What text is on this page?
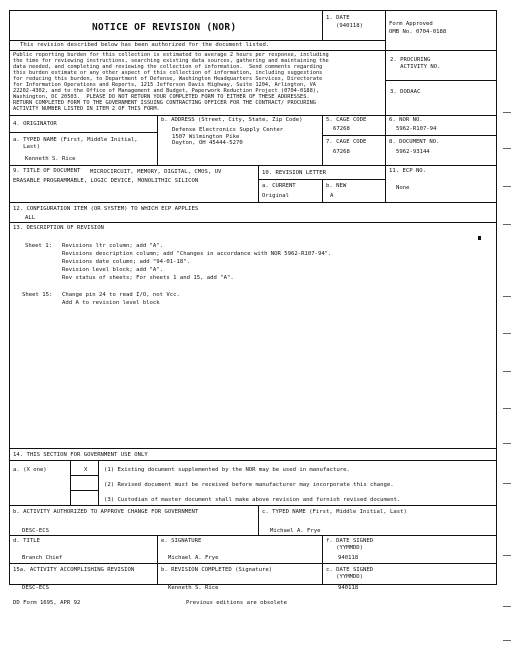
NOTICE OF REVISION (NOR)
1. DATE
(940118)	Form Approved
OMB No. 0704-0188
This revision described below has been authorized for the document listed.
Public reporting burden for this collection is estimated to average 2 hours per response, including
the time for reviewing instructions, searching existing data sources, gathering and maintaining the
data needed, and completing and reviewing the collection of information.  Send comments regarding
this burden estimate or any other aspect of this collection of information, including suggestions
for reducing this burden, to Department of Defense, Washington Headquarters Services, Directorate
for Information Operations and Reports, 1215 Jefferson Davis Highway, Suite 1204, Arlington, VA
22202-4302, and to the Office of Management and Budget, Paperwork Reduction Project (0704-0188),
Washington, DC 20503.  PLEASE DO NOT RETURN YOUR COMPLETED FORM TO EITHER OF THESE ADDRESSES.
RETURN COMPLETED FORM TO THE GOVERNMENT ISSUING CONTRACTING OFFICER FOR THE CONTRACT/ PROCURING
ACTIVITY NUMBER LISTED IN ITEM 2 OF THIS FORM.
2. PROCURING
ACTIVITY NO.
3. DODAAC
4. ORIGINATOR
a. TYPED NAME (First, Middle Initial,
Last)
Kenneth S. Rice
b. ADDRESS (Street, City, State, Zip Code)
Defense Electronics Supply Center
1507 Wilmington Pike
Dayton, OH 45444-5270
5. CAGE CODE
67268
6. NOR NO.
5962-R107-94
7. CAGE CODE
67268
8. DOCUMENT NO.
5962-93144
9. TITLE OF DOCUMENT MICROCIRCUIT, MEMORY, DIGITAL, CMOS, UV
ERASABLE PROGRAMMABLE, LOGIC DEVICE, MONOLITHIC SILICON
10. REVISION LETTER
a. CURRENT
Original
b. NEW
A
11. ECP NO.
None
12. CONFIGURATION ITEM (OR SYSTEM) TO WHICH ECP APPLIES
ALL
13. DESCRIPTION OF REVISION
Sheet 1: Revisions ltr column; add "A".
Revisions description column; add "Changes in accordance with NOR 5962-R107-94".
Revisions date column; add "94-01-18".
Revision level block; add "A".
Rev status of sheets; For sheets 1 and 15, add "A".
Sheet 15: Change pin 24 to read I/O, not Vcc.
Add A to revision level block
14. THIS SECTION FOR GOVERNMENT USE ONLY
a. (X one)	X	(1) Existing document supplemented by the NOR may be used in manufacture.
(2) Revised document must be received before manufacturer may incorporate this change.
(3) Custodian of master document shall make above revision and furnish revised document.
b. ACTIVITY AUTHORIZED TO APPROVE CHANGE FOR GOVERNMENT
DESC-ECS
c. TYPED NAME (First, Middle Initial, Last)
Michael A. Frye
d. TITLE
Branch Chief
e. SIGNATURE
Michael A. Frye
f. DATE SIGNED
(YYMMDD)
940118
15a. ACTIVITY ACCOMPLISHING REVISION
DESC-ECS
b. REVISION COMPLETED (Signature)
Kenneth S. Rice
c. DATE SIGNED
(YYMMDD)
940118
DD Form 1695, APR 92	Previous editions are obsolete
